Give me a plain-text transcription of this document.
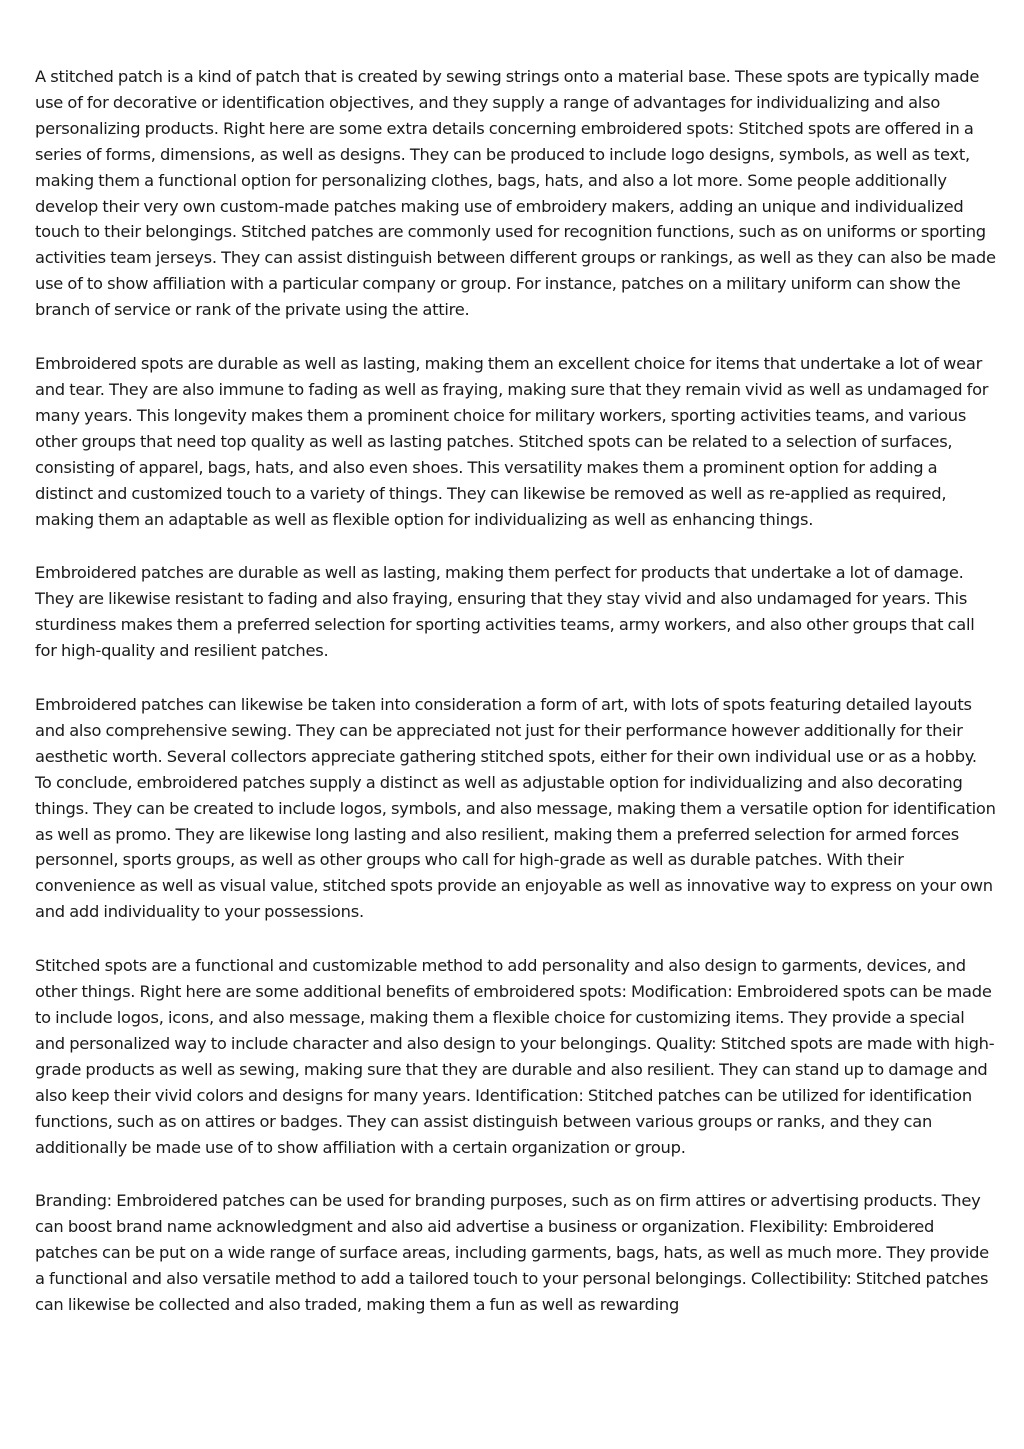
A stitched patch is a kind of patch that is created by sewing strings onto a material base. These spots are typically made use of for decorative or identification objectives, and they supply a range of advantages for individualizing and also personalizing products. Right here are some extra details concerning embroidered spots: Stitched spots are offered in a series of forms, dimensions, as well as designs. They can be produced to include logo designs, symbols, as well as text, making them a functional option for personalizing clothes, bags, hats, and also a lot more. Some people additionally develop their very own custom-made patches making use of embroidery makers, adding an unique and individualized touch to their belongings. Stitched patches are commonly used for recognition functions, such as on uniforms or sporting activities team jerseys. They can assist distinguish between different groups or rankings, as well as they can also be made use of to show affiliation with a particular company or group. For instance, patches on a military uniform can show the branch of service or rank of the private using the attire.

Embroidered spots are durable as well as lasting, making them an excellent choice for items that undertake a lot of wear and tear. They are also immune to fading as well as fraying, making sure that they remain vivid as well as undamaged for many years. This longevity makes them a prominent choice for military workers, sporting activities teams, and various other groups that need top quality as well as lasting patches. Stitched spots can be related to a selection of surfaces, consisting of apparel, bags, hats, and also even shoes. This versatility makes them a prominent option for adding a distinct and customized touch to a variety of things. They can likewise be removed as well as re-applied as required, making them an adaptable as well as flexible option for individualizing as well as enhancing things.

Embroidered patches are durable as well as lasting, making them perfect for products that undertake a lot of damage. They are likewise resistant to fading and also fraying, ensuring that they stay vivid and also undamaged for years. This sturdiness makes them a preferred selection for sporting activities teams, army workers, and also other groups that call for high-quality and resilient patches.

Embroidered patches can likewise be taken into consideration a form of art, with lots of spots featuring detailed layouts and also comprehensive sewing. They can be appreciated not just for their performance however additionally for their aesthetic worth. Several collectors appreciate gathering stitched spots, either for their own individual use or as a hobby. To conclude, embroidered patches supply a distinct as well as adjustable option for individualizing and also decorating things. They can be created to include logos, symbols, and also message, making them a versatile option for identification as well as promo. They are likewise long lasting and also resilient, making them a preferred selection for armed forces personnel, sports groups, as well as other groups who call for high-grade as well as durable patches. With their convenience as well as visual value, stitched spots provide an enjoyable as well as innovative way to express on your own and add individuality to your possessions.

Stitched spots are a functional and customizable method to add personality and also design to garments, devices, and other things. Right here are some additional benefits of embroidered spots: Modification: Embroidered spots can be made to include logos, icons, and also message, making them a flexible choice for customizing items. They provide a special and personalized way to include character and also design to your belongings. Quality: Stitched spots are made with high-grade products as well as sewing, making sure that they are durable and also resilient. They can stand up to damage and also keep their vivid colors and designs for many years. Identification: Stitched patches can be utilized for identification functions, such as on attires or badges. They can assist distinguish between various groups or ranks, and they can additionally be made use of to show affiliation with a certain organization or group.

Branding: Embroidered patches can be used for branding purposes, such as on firm attires or advertising products. They can boost brand name acknowledgment and also aid advertise a business or organization. Flexibility: Embroidered patches can be put on a wide range of surface areas, including garments, bags, hats, as well as much more. They provide a functional and also versatile method to add a tailored touch to your personal belongings. Collectibility: Stitched patches can likewise be collected and also traded, making them a fun as well as rewarding
